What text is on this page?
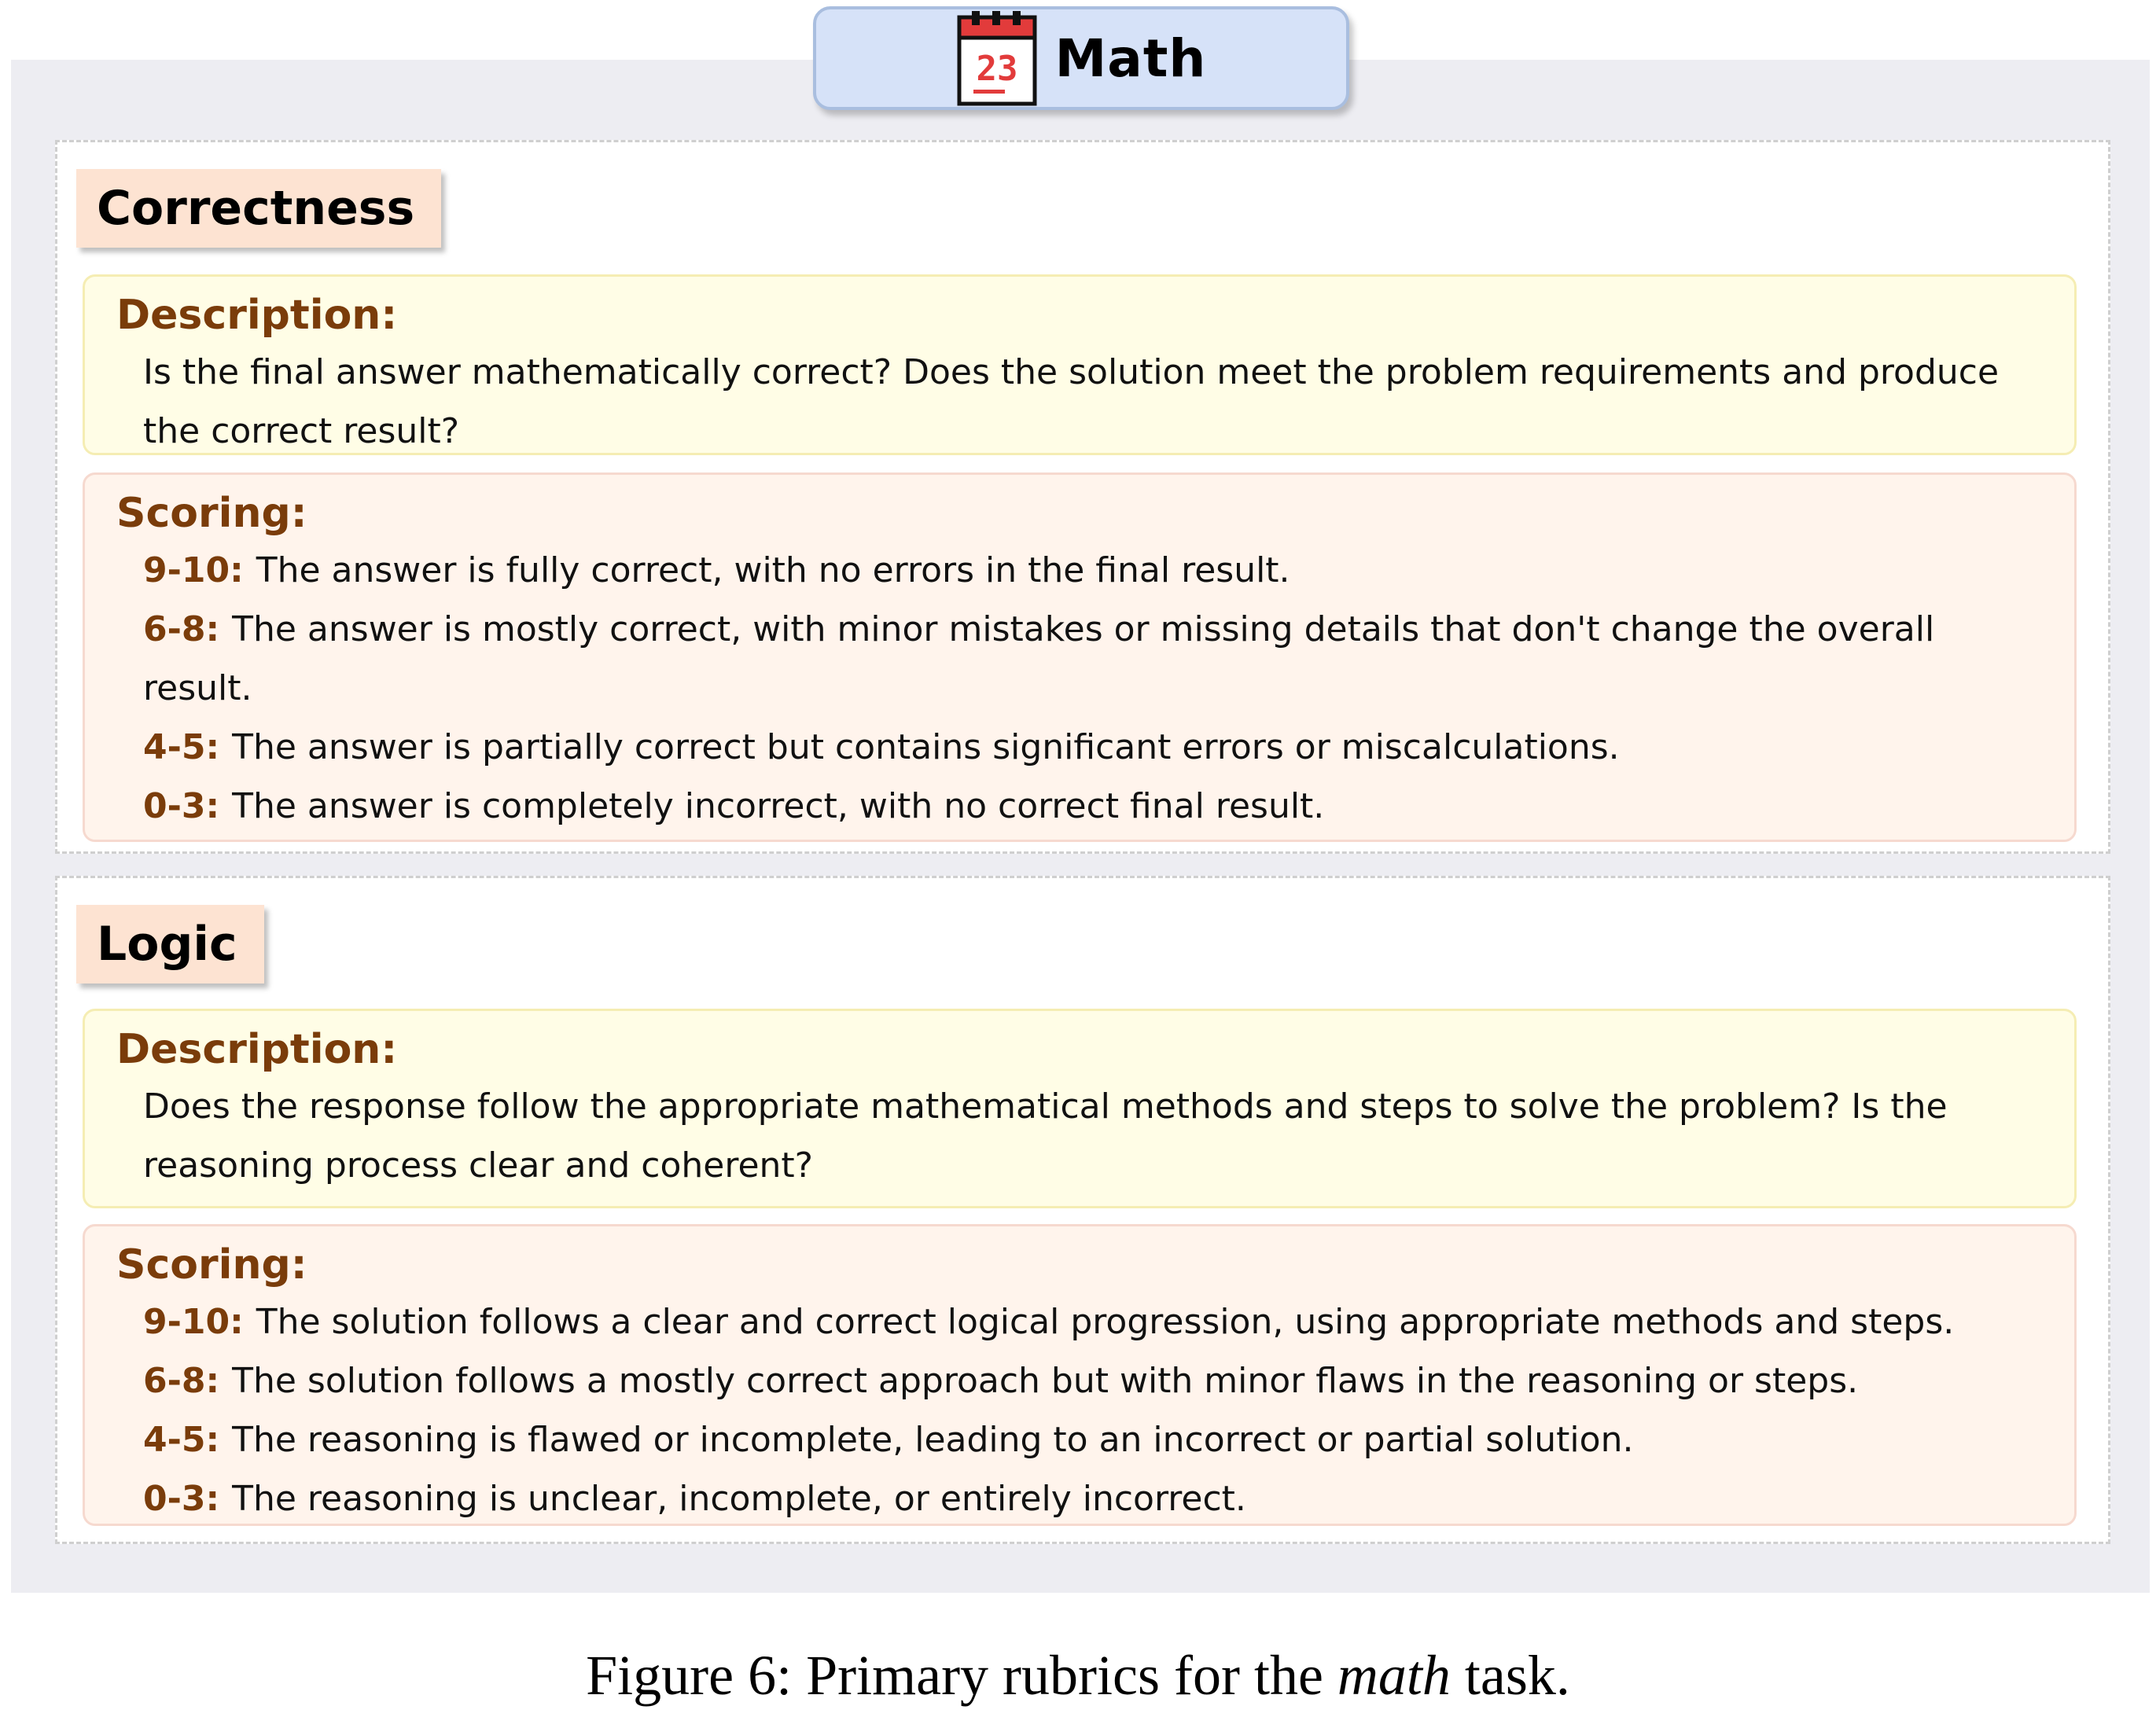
23 Math
Correctness
Description:
Is the final answer mathematically correct? Does the solution meet the problem requirements and produce the correct result?
Scoring:
9-10: The answer is fully correct, with no errors in the final result.
6-8: The answer is mostly correct, with minor mistakes or missing details that don't change the overall result.
4-5: The answer is partially correct but contains significant errors or miscalculations.
0-3: The answer is completely incorrect, with no correct final result.
Logic
Description:
Does the response follow the appropriate mathematical methods and steps to solve the problem? Is the reasoning process clear and coherent?
Scoring:
9-10: The solution follows a clear and correct logical progression, using appropriate methods and steps.
6-8: The solution follows a mostly correct approach but with minor flaws in the reasoning or steps.
4-5: The reasoning is flawed or incomplete, leading to an incorrect or partial solution.
0-3: The reasoning is unclear, incomplete, or entirely incorrect.
Figure 6: Primary rubrics for the math task.
